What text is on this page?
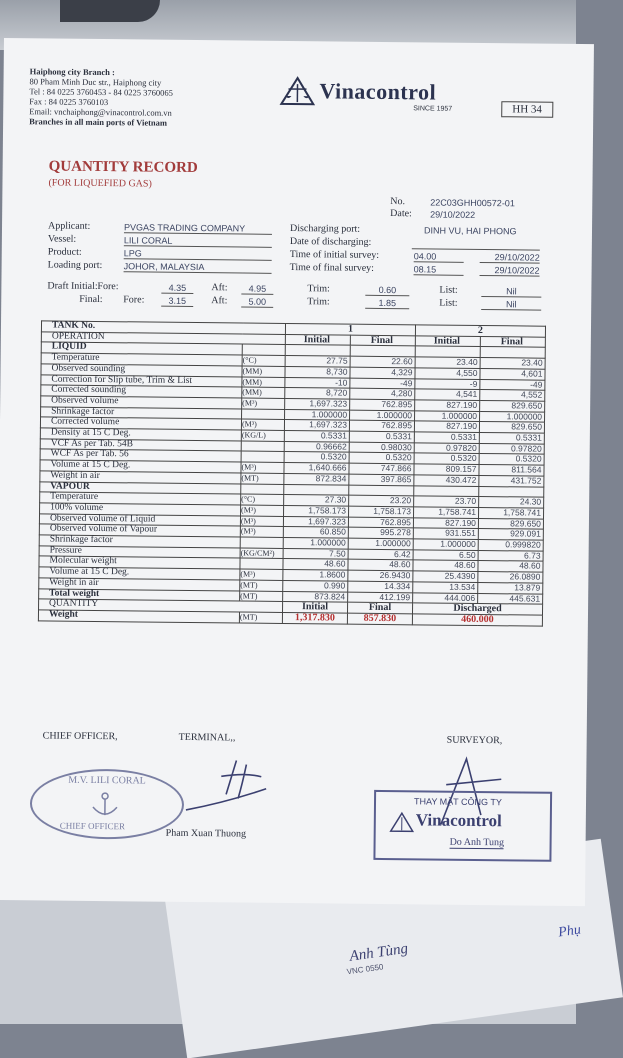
Anh Tùng
VNC 0550
Phụ
HH 34
Haiphong city Branch :
80 Pham Minh Duc str., Haiphong city
Tel : 84 0225 3760453 - 84 0225 3760065
Fax : 84 0225 3760103
Email: vnchaiphong@vinacontrol.com.vn
Branches in all main ports of Vietnam
Vinacontrol
SINCE 1957
QUANTITY RECORD
(FOR LIQUEFIED GAS)
No.	22C03GHH00572-01
Date: 29/10/2022
Applicant:	PVGAS TRADING COMPANY
Vessel:	LILI CORAL
Product:	LPG
Loading port: JOHOR, MALAYSIA
Discharging port:	DINH VU, HAI PHONG
Date of discharging:
Time of initial survey:	04.00	29/10/2022
Time of final survey:	08.15	29/10/2022
Draft Initial: Fore:	4.35	Aft:	4.95
Final: Fore:	3.15	Aft:	5.00
Trim:	0.60
Trim:	1.85
List:	Nil
List:	Nil
TANK No.		1		2	
OPERATION		Initial	Final	Initial	Final
LIQUID					
Temperature	(°C)	27.75	22.60	23.40	23.40
Observed sounding	(MM)	8,730	4,329	4,550	4,601
Correction for Slip tube, Trim & List	(MM)	-10	-49	-9	-49
Corrected sounding	(MM)	8,720	4,280	4,541	4,552
Observed volume	(M³)	1,697.323	762.895	827.190	829.650
Shrinkage factor		1.000000	1.000000	1.000000	1.000000
Corrected volume	(M³)	1,697.323	762.895	827.190	829.650
Density at 15 C Deg.	(KG/L)	0.5331	0.5331	0.5331	0.5331
VCF As per Tab. 54B		0.96662	0.98030	0.97820	0.97820
WCF As per Tab. 56		0.5320	0.5320	0.5320	0.5320
Volume at 15 C Deg.	(M³)	1,640.666	747.866	809.157	811.564
Weight in air	(MT)	872.834	397.865	430.472	431.752
VAPOUR					
Temperature	(°C)	27.30	23.20	23.70	24.30
100% volume	(M³)	1,758.173	1,758.173	1,758.741	1,758.741
Observed volume of Liquid	(M³)	1,697.323	762.895	827.190	829.650
Observed volume of Vapour	(M³)	60.850	995.278	931.551	929.091
Shrinkage factor		1.000000	1.000000	1.000000	0.999820
Pressure	(KG/CM²)	7.50	6.42	6.50	6.73
Molecular weight		48.60	48.60	48.60	48.60
Volume at 15 C Deg.	(M³)	1.8600	26.9430	25.4390	26.0890
Weight in air	(MT)	0.990	14.334	13.534	13.879
Total weight	(MT)	873.824	412.199	444.006	445.631
QUANTITY		Initial	Final	Discharged	
Weight	(MT)	1,317.830	857.830	460.000	
CHIEF OFFICER,	TERMINAL,,	SURVEYOR,
M.V. LILI CORAL
CHIEF OFFICER
Pham Xuan Thuong
THAY MẶT CÔNG TY
Vinacontrol
Do Anh Tung
